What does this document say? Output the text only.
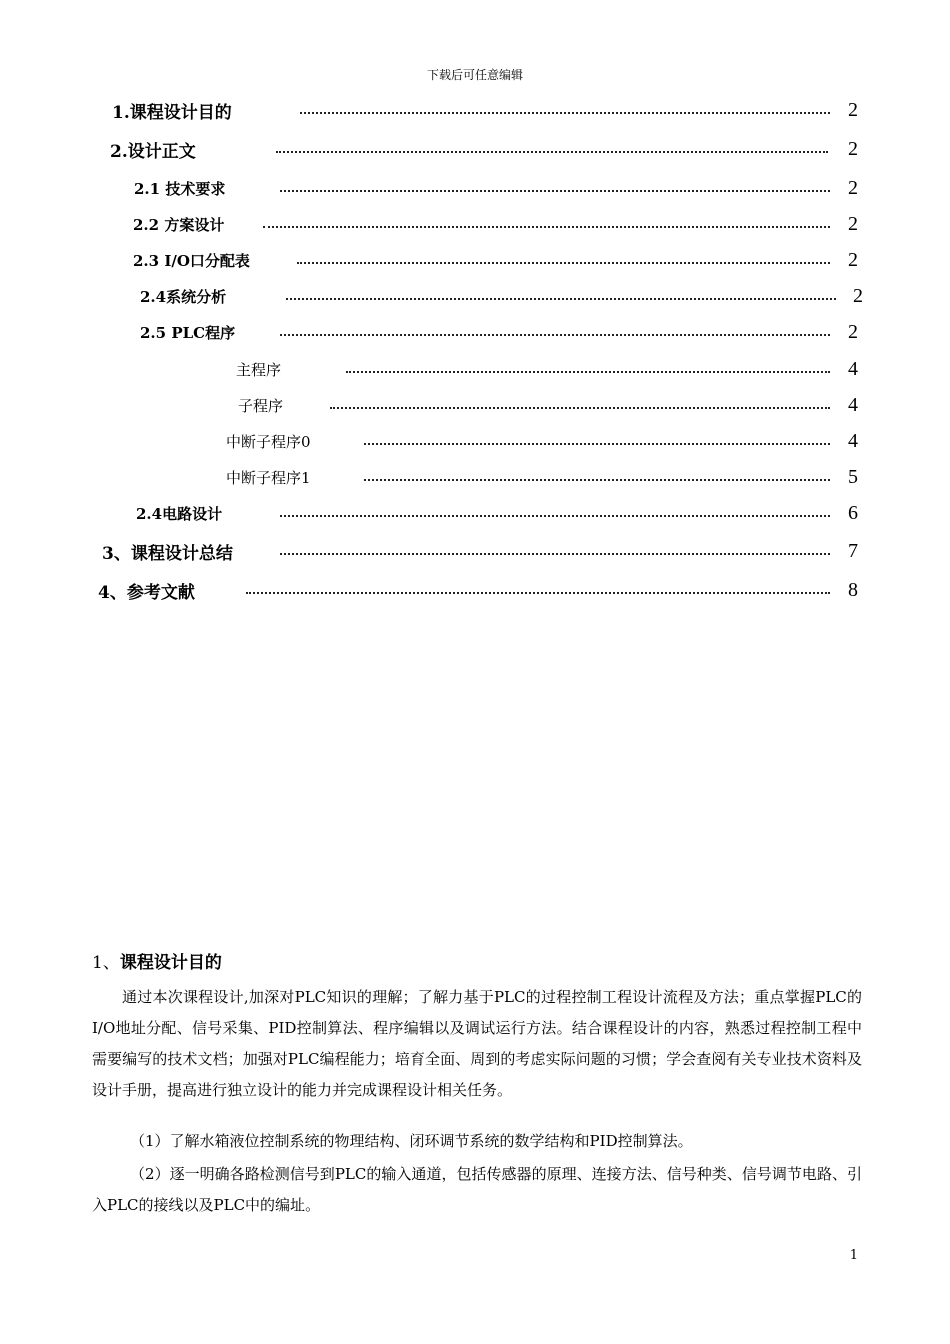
下载后可任意编辑
1.课程设计目的	2
2.设计正文	2
2.1 技术要求	2
2.2 方案设计	2
2.3 I/O口分配表	2
2.4系统分析	2
2.5 PLC程序	2
主程序	4
子程序	4
中断子程序0	4
中断子程序1	5
2.4电路设计	6
3、课程设计总结	7
4、参考文献	8
1、课程设计目的
通过本次课程设计,加深对PLC知识的理解；了解力基于PLC的过程控制工程设计流程及方法；重点掌握PLC的I/O地址分配、信号采集、PID控制算法、程序编辑以及调试运行方法。结合课程设计的内容，熟悉过程控制工程中需要编写的技术文档；加强对PLC编程能力；培育全面、周到的考虑实际问题的习惯；学会查阅有关专业技术资料及设计手册，提高进行独立设计的能力并完成课程设计相关任务。
（1）了解水箱液位控制系统的物理结构、闭环调节系统的数学结构和PID控制算法。
（2）逐一明确各路检测信号到PLC的输入通道，包括传感器的原理、连接方法、信号种类、信号调节电路、引入PLC的接线以及PLC中的编址。
1
